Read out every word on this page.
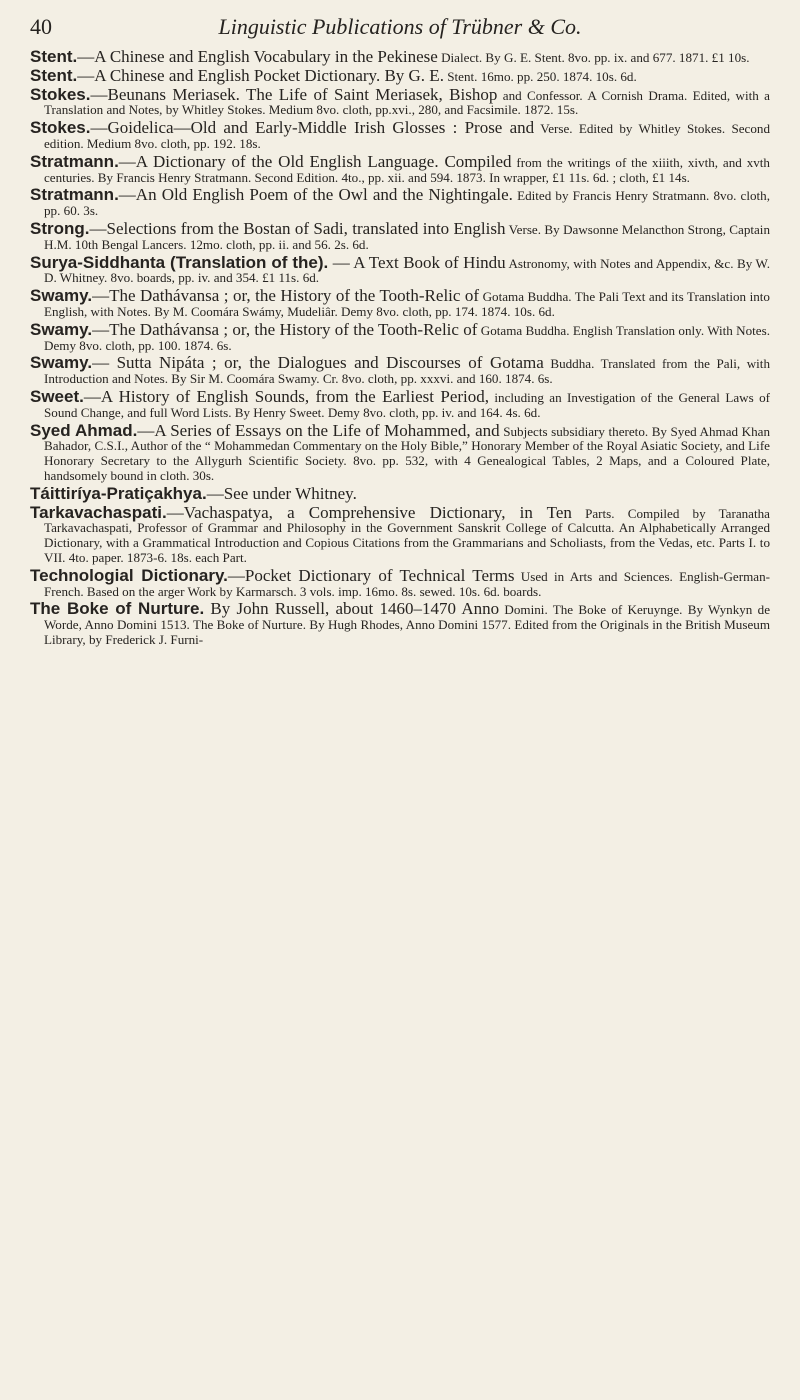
40	Linguistic Publications of Trübner & Co.

Stent.—A Chinese and English Vocabulary in the Pekinese Dialect. By G. E. Stent. 8vo. pp. ix. and 677. 1871. £1 10s.

Stent.—A Chinese and English Pocket Dictionary. By G. E. Stent. 16mo. pp. 250. 1874. 10s. 6d.

Stokes.—Beunans Meriasek. The Life of Saint Meriasek, Bishop and Confessor. A Cornish Drama. Edited, with a Translation and Notes, by Whitley Stokes. Medium 8vo. cloth, pp.xvi., 280, and Facsimile. 1872. 15s.

Stokes.—Goidelica—Old and Early-Middle Irish Glosses : Prose and Verse. Edited by Whitley Stokes. Second edition. Medium 8vo. cloth, pp. 192. 18s.

Stratmann.—A Dictionary of the Old English Language. Compiled from the writings of the xiiith, xivth, and xvth centuries. By Francis Henry Stratmann. Second Edition. 4to., pp. xii. and 594. 1873. In wrapper, £1 11s. 6d. ; cloth, £1 14s.

Stratmann.—An Old English Poem of the Owl and the Nightingale. Edited by Francis Henry Stratmann. 8vo. cloth, pp. 60. 3s.

Strong.—Selections from the Bostan of Sadi, translated into English Verse. By Dawsonne Melancthon Strong, Captain H.M. 10th Bengal Lancers. 12mo. cloth, pp. ii. and 56. 2s. 6d.

Surya-Siddhanta (Translation of the). — A Text Book of Hindu Astronomy, with Notes and Appendix, &c. By W. D. Whitney. 8vo. boards, pp. iv. and 354. £1 11s. 6d.

Swamy.—The Dathávansa ; or, the History of the Tooth-Relic of Gotama Buddha. The Pali Text and its Translation into English, with Notes. By M. Coomára Swámy, Mudeliâr. Demy 8vo. cloth, pp. 174. 1874. 10s. 6d.

Swamy.—The Dathávansa ; or, the History of the Tooth-Relic of Gotama Buddha. English Translation only. With Notes. Demy 8vo. cloth, pp. 100. 1874. 6s.

Swamy.— Sutta Nipáta ; or, the Dialogues and Discourses of Gotama Buddha. Translated from the Pali, with Introduction and Notes. By Sir M. Coomára Swamy. Cr. 8vo. cloth, pp. xxxvi. and 160. 1874. 6s.

Sweet.—A History of English Sounds, from the Earliest Period, including an Investigation of the General Laws of Sound Change, and full Word Lists. By Henry Sweet. Demy 8vo. cloth, pp. iv. and 164. 4s. 6d.

Syed Ahmad.—A Series of Essays on the Life of Mohammed, and Subjects subsidiary thereto. By Syed Ahmad Khan Bahador, C.S.I., Author of the “ Mohammedan Commentary on the Holy Bible,” Honorary Member of the Royal Asiatic Society, and Life Honorary Secretary to the Allygurh Scientific Society. 8vo. pp. 532, with 4 Genealogical Tables, 2 Maps, and a Coloured Plate, handsomely bound in cloth. 30s.

Táittiríya-Pratiçakhya.—See under Whitney.

Tarkavachaspati.—Vachaspatya, a Comprehensive Dictionary, in Ten Parts. Compiled by Taranatha Tarkavachaspati, Professor of Grammar and Philosophy in the Government Sanskrit College of Calcutta. An Alphabetically Arranged Dictionary, with a Grammatical Introduction and Copious Citations from the Grammarians and Scholiasts, from the Vedas, etc. Parts I. to VII. 4to. paper. 1873-6. 18s. each Part.

Technologial Dictionary.—Pocket Dictionary of Technical Terms Used in Arts and Sciences. English-German-French. Based on the arger Work by Karmarsch. 3 vols. imp. 16mo. 8s. sewed. 10s. 6d. boards.

The Boke of Nurture. By John Russell, about 1460–1470 Anno Domini. The Boke of Keruynge. By Wynkyn de Worde, Anno Domini 1513. The Boke of Nurture. By Hugh Rhodes, Anno Domini 1577. Edited from the Originals in the British Museum Library, by Frederick J. Furni-
